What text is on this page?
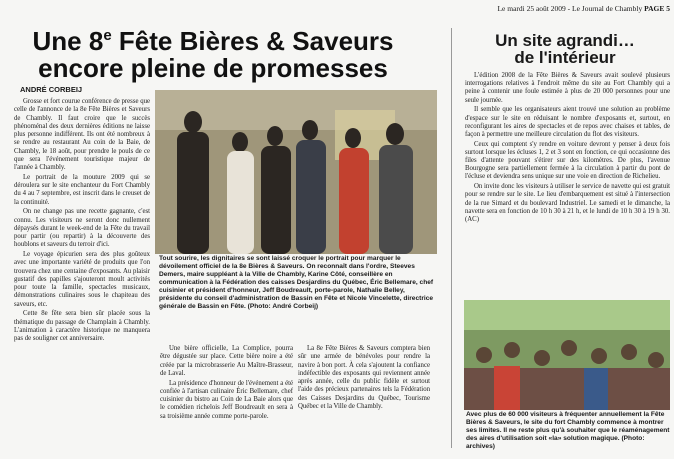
Le mardi 25 août 2009 - Le Journal de Chambly PAGE 5
Une 8e Fête Bières & Saveurs
encore pleine de promesses
ANDRÉ CORBEIJ

Grosse et fort courue conférence de presse que celle de l'annonce de la 8e Fête Bières et Saveurs de Chambly. Il faut croire que le succès phénoménal des deux dernières éditions ne laisse plus personne indifférent. Ils ont été nombreux à se rendre au restaurant Au coin de la Baie, de Chambly, le 18 août, pour prendre le pouls de ce que sera l'événement touristique majeur de l'année à Chambly.

Le portrait de la mouture 2009 qui se déroulera sur le site enchanteur du Fort Chambly du 4 au 7 septembre, est inscrit dans le creuset de la continuité.

On ne change pas une recette gagnante, c'est connu. Les visiteurs ne seront donc nullement dépaysés durant le week-end de la Fête du travail pour partir (ou repartir) à la découverte des houblons et saveurs du terroir d'ici.

Le voyage épicurien sera des plus goûteux avec une importante variété de produits que l'on trouvera chez une centaine d'exposants. Au plaisir gustatif des papilles s'ajouteront moult activités pour toute la famille, spectacles musicaux, démonstrations culinaires sous le chapiteau des saveurs, etc.

Cette 8e fête sera bien sûr placée sous la thématique du passage de Champlain à Chambly. L'animation à caractère historique ne manquera pas de souligner cet anniversaire.

Tout sourire, les dignitaires se sont laissé croquer le portrait pour marquer le dévoilement officiel de la 8e Bières & Saveurs. On reconnaît dans l'ordre, Steeves Demers, maire suppléant à la Ville de Chambly, Karine Côté, conseillère en communication à la Fédération des caisses Desjardins du Québec, Éric Bellemare, chef cuisinier et président d'honneur, Jeff Boudreault, porte-parole, Nathalie Belley, présidente du conseil d'administration de Bassin en Fête et Nicole Vincelette, directrice générale de Bassin en Fête. (Photo: André Corbeij)

Une bière officielle, La Complice, pourra être dégustée sur place. Cette bière noire a été créée par la microbrasserie Au Maître-Brasseur, de Laval.

La présidence d'honneur de l'événement a été confiée à l'artisan culinaire Éric Bellemare, chef cuisinier du bistro au Coin de La Baie alors que le comédien richelois Jeff Boudreault en sera à sa troisième année comme porte-parole.

La 8e Fête Bières & Saveurs comptera bien sûr une armée de bénévoles pour rendre la navire à bon port. À cela s'ajoutent la confiance indéfectible des exposants qui reviennent année après année, celle du public fidèle et surtout l'aide des précieux partenaires tels la Fédération des Caisses Desjardins du Québec, Tourisme Québec et la Ville de Chambly.

Un site agrandi…
de l'intérieur

L'édition 2008 de la Fête Bières & Saveurs avait soulevé plusieurs interrogations relatives à l'endroit même du site au Fort Chambly qui a peine à contenir une foule estimée à plus de 20 000 personnes pour une seule journée.

Il semble que les organisateurs aient trouvé une solution au problème d'espace sur le site en réduisant le nombre d'exposants et, surtout, en reconfigurant les aires de spectacles et de repos avec chaises et tables, de façon à permettre une meilleure circulation du flot des visiteurs.

Ceux qui comptent s'y rendre en voiture devront y penser à deux fois surtout lorsque les écluses 1, 2 et 3 sont en fonction, ce qui occasionne des files d'attente pouvant s'étirer sur des kilomètres. De plus, l'avenue Bourgogne sera partiellement fermée à la circulation à partir du pont de l'écluse et deviendra sens unique sur une voie en direction de Richelieu.

On invite donc les visiteurs à utiliser le service de navette qui est gratuit pour se rendre sur le site. Le lieu d'embarquement est situé à l'intersection de la rue Simard et du boulevard Industriel. Le samedi et le dimanche, la navette sera en fonction de 10 h 30 à 21 h, et le lundi de 10 h 30 à 19 h 30. (AC)

Avec plus de 60 000 visiteurs à fréquenter annuellement la Fête Bières & Saveurs, le site du fort Chambly commence à montrer ses limites. Il ne reste plus qu'à souhaiter que le réaménagement des aires d'utilisation soit «la» solution magique. (Photo: archives)
